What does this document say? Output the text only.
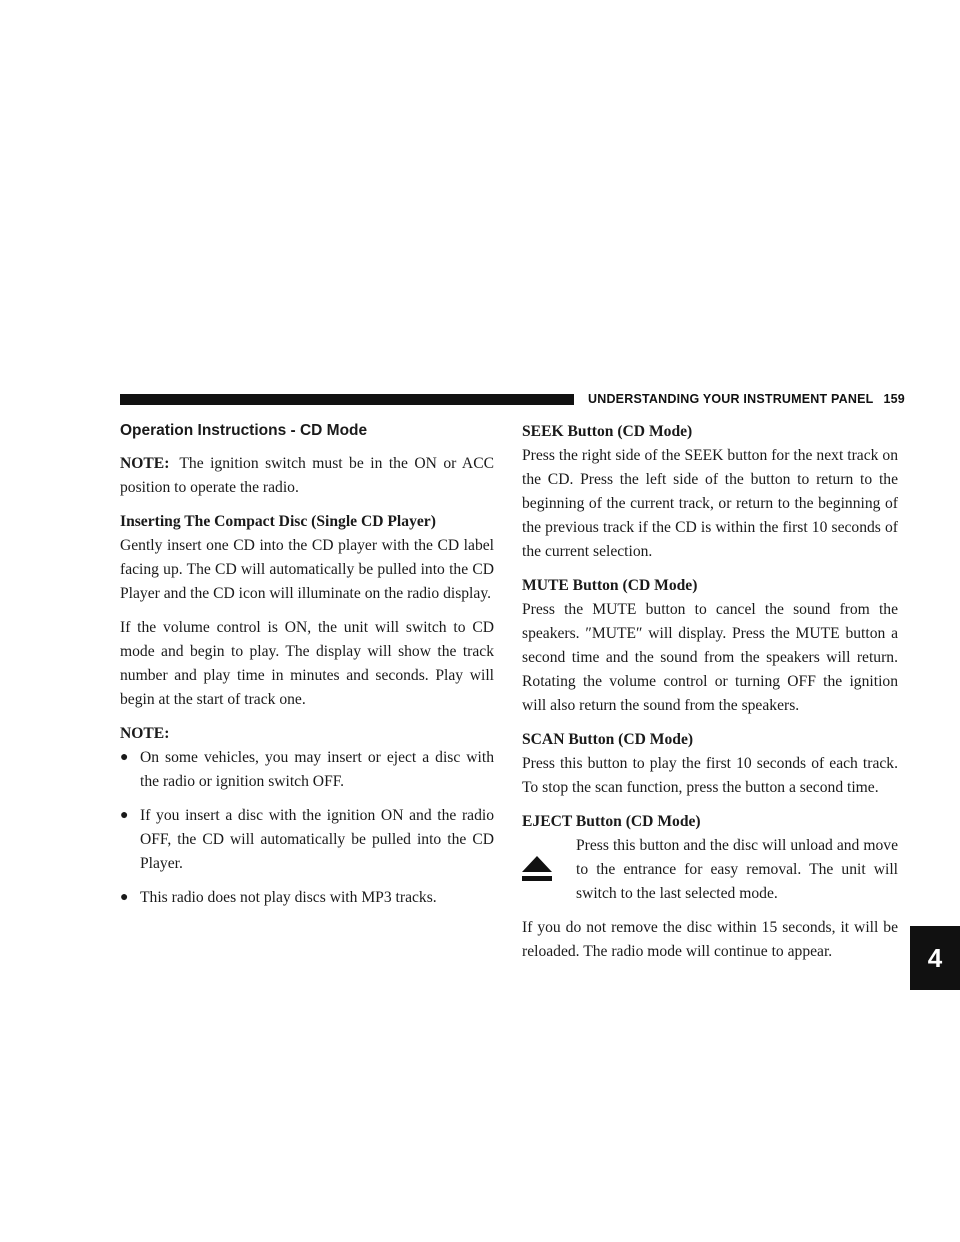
UNDERSTANDING YOUR INSTRUMENT PANEL 159
4
Operation Instructions - CD Mode

NOTE: The ignition switch must be in the ON or ACC position to operate the radio.

Inserting The Compact Disc (Single CD Player)

Gently insert one CD into the CD player with the CD label facing up. The CD will automatically be pulled into the CD Player and the CD icon will illuminate on the radio display.

If the volume control is ON, the unit will switch to CD mode and begin to play. The display will show the track number and play time in minutes and seconds. Play will begin at the start of track one.

NOTE:
● On some vehicles, you may insert or eject a disc with the radio or ignition switch OFF.
● If you insert a disc with the ignition ON and the radio OFF, the CD will automatically be pulled into the CD Player.
● This radio does not play discs with MP3 tracks.
SEEK Button (CD Mode)

Press the right side of the SEEK button for the next track on the CD. Press the left side of the button to return to the beginning of the current track, or return to the beginning of the previous track if the CD is within the first 10 seconds of the current selection.

MUTE Button (CD Mode)

Press the MUTE button to cancel the sound from the speakers. ″MUTE″ will display. Press the MUTE button a second time and the sound from the speakers will return. Rotating the volume control or turning OFF the ignition will also return the sound from the speakers.

SCAN Button (CD Mode)

Press this button to play the first 10 seconds of each track. To stop the scan function, press the button a second time.

EJECT Button (CD Mode)

Press this button and the disc will unload and move to the entrance for easy removal. The unit will switch to the last selected mode.

If you do not remove the disc within 15 seconds, it will be reloaded. The radio mode will continue to appear.
